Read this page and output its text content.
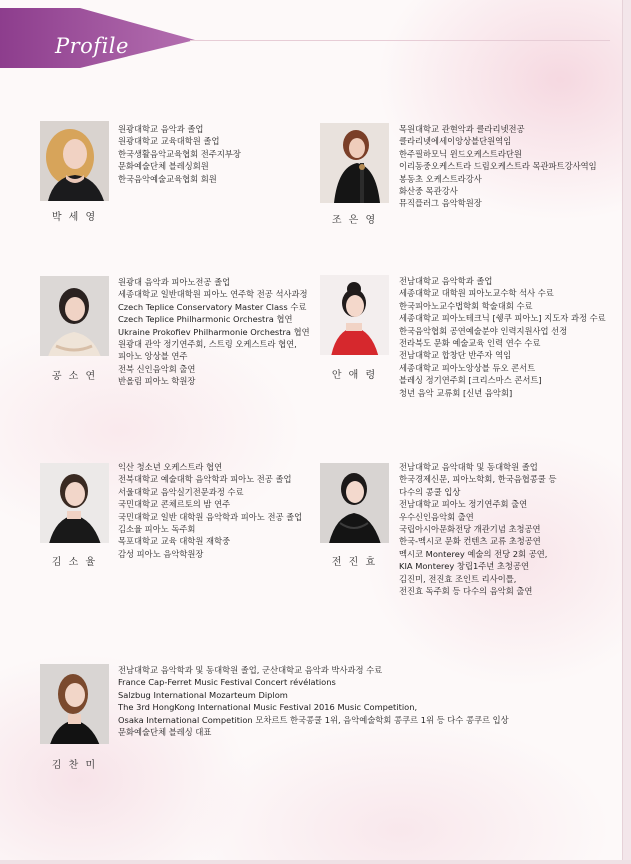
Profile
박 세 영
원광대학교 음악과 졸업
원광대학교 교육대학원 졸업
한국생활음악교육협회 전주지부장
문화예술단체 블레싱회원
한국음악예술교육협회 회원
조 은 영
목원대학교 관현악과 클라리넷전공
클라리넷에세이앙상블단원역임
한주필하모닉 윈드오케스트라단원
이리동중오케스트라 드림오케스트라 목관파트강사역임
봉동초 오케스트라강사
화산중 목관강사
뮤직플러그 음악학원장
공 소 연
원광대 음악과 피아노전공 졸업
세종대학교 일반대학원 피아노 연주학 전공 석사과정
Czech Teplice Conservatory Master Class 수료
Czech Teplice Philharmonic Orchestra 협연
Ukraine Prokofiev Philharmonie Orchestra 협연
원광대 관악 정기연주회, 스트링 오케스트라 협연,
피아노 앙상블 연주
전북 신인음악회 출연
반올림 피아노 학원장
안 애 령
전남대학교 음악학과 졸업
세종대학교 대학원 피아노교수학 석사 수료
한국피아노교수법학회 학술대회 수료
세종대학교 피아노테크닉 [쉥쿠 피아노] 지도자 과정 수료
한국음악협회 공연예술분야 인력지원사업 선정
전라북도 문화 예술교육 인력 연수 수료
전남대학교 합창단 반주자 역임
세종대학교 피아노앙상블 듀오 콘서트
블레싱 정기연주회 [크리스마스 콘서트]
청년 음악 교류회 [신년 음악회]
김 소 율
익산 청소년 오케스트라 협연
전북대학교 예술대학 음악학과 피아노 전공 졸업
서울대학교 음악실기전문과정 수료
국민대학교 콘체르토의 밤 연주
국민대학교 일반 대학원 음악학과 피아노 전공 졸업
김소율 피아노 독주회
목포대학교 교육 대학원 재학중
감성 피아노 음악학원장
전 진 효
전남대학교 음악대학 및 동대학원 졸업
한국경제신문, 피아노학회, 한국음협콩쿨 등
다수의 콩쿨 입상
전남대학교 피아노 정기연주회 출연
우수신인음악회 출연
국립아시아문화전당 개관기념 초청공연
한국-멕시코 문화 컨텐츠 교류 초청공연
멕시코 Monterey 예술의 전당 2회 공연,
KIA Monterey 창립1주년 초청공연
김진미, 전진효 조인트 리사이틀,
전진효 독주회 등 다수의 음악회 출연
김 찬 미
전남대학교 음악학과 및 동대학원 졸업, 군산대학교 음악과 박사과정 수료
France Cap-Ferret Music Festival Concert révélations
Salzbug International Mozarteum Diplom
The 3rd HongKong International Music Festival 2016 Music Competition,
Osaka International Competition 모차르트 한국콩쿨 1위, 음악예술학회 콩쿠르 1위 등 다수 콩쿠르 입상
문화예술단체 블레싱 대표
